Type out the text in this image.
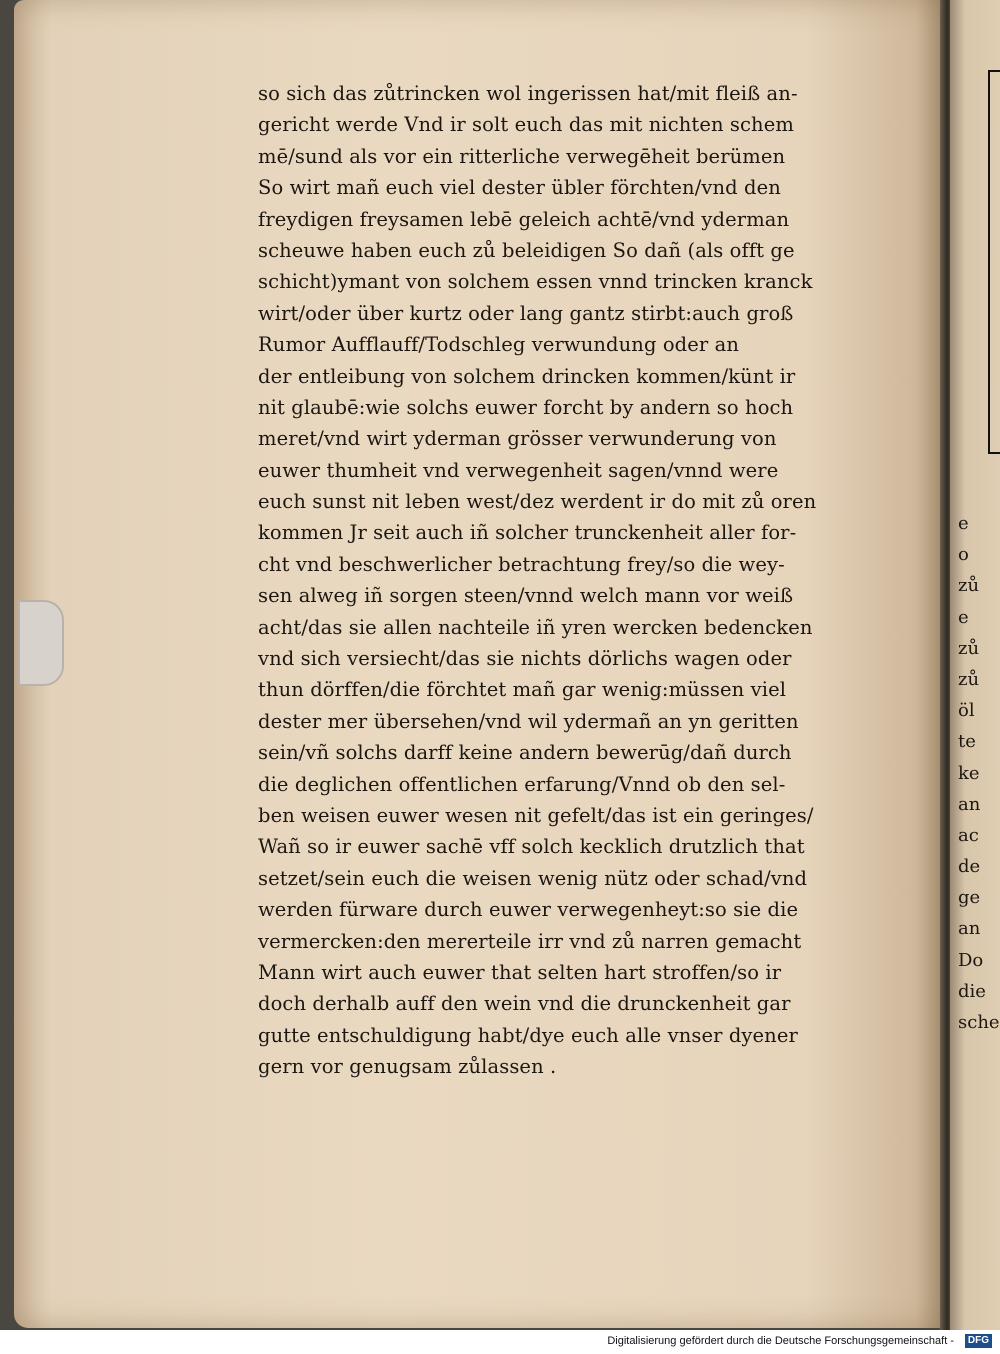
so sich das zůtrincken wol ingerissen hat/mit fleiß an-
gericht werde Vnd ir solt euch das mit nichten schem
mē/sund als vor ein ritterliche verwegēheit berümen
So wirt mañ euch viel dester übler förchten/vnd den
freydigen freysamen lebē geleich achtē/vnd yderman
scheuwe haben euch zů beleidigen So dañ (als offt ge
schicht)ymant von solchem essen vnnd trincken kranck
wirt/oder über kurtz oder lang gantz stirbt:auch groß
Rumor Aufflauff/Todschleg verwundung oder an
der entleibung von solchem drincken kommen/künt ir
nit glaubē:wie solchs euwer forcht by andern so hoch
meret/vnd wirt yderman grösser verwunderung von
euwer thumheit vnd verwegenheit sagen/vnnd were
euch sunst nit leben west/dez werdent ir do mit zů oren
kommen Jr seit auch iñ solcher trunckenheit aller for-
cht vnd beschwerlicher betrachtung frey/so die wey-
sen alweg iñ sorgen steen/vnnd welch mann vor weiß
acht/das sie allen nachteile iñ yren wercken bedencken
vnd sich versiecht/das sie nichts dörlichs wagen oder
thun dörffen/die förchtet mañ gar wenig:müssen viel
dester mer übersehen/vnd wil ydermañ an yn geritten
sein/vñ solchs darff keine andern bewerūg/dañ durch
die deglichen offentlichen erfarung/Vnnd ob den sel-
ben weisen euwer wesen nit gefelt/das ist ein geringes/
Wañ so ir euwer sachē vff solch kecklich drutzlich that
setzet/sein euch die weisen wenig nütz oder schad/vnd
werden fürware durch euwer verwegenheyt:so sie die
vermercken:den mererteile irr vnd zů narren gemacht
Mann wirt auch euwer that selten hart stroffen/so ir
doch derhalb auff den wein vnd die drunckenheit gar
gutte entschuldigung habt/dye euch alle vnser dyener
gern vor genugsam zůlassen .
e
o
zů
e
zů
zů
öl
te
ke
an
ac
de
ge
an
Do
die
sche
Digitalisierung gefördert durch die Deutsche Forschungsgemeinschaft -	DFG
